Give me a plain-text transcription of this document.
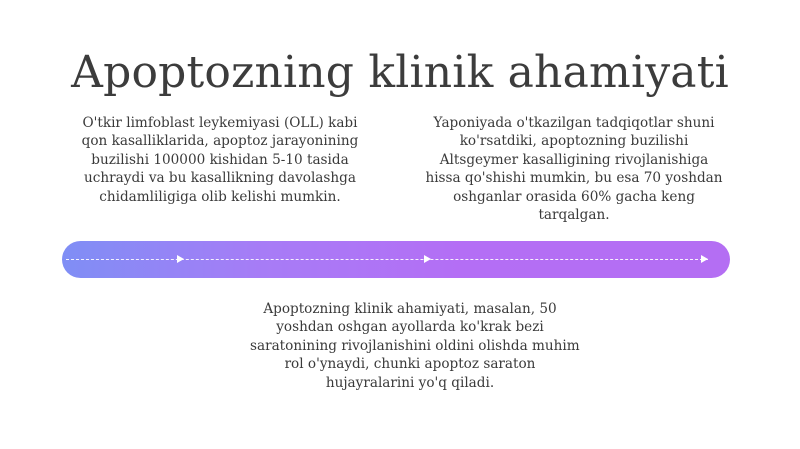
Apoptozning klinik ahamiyati
O'tkir limfoblast leykemiyasi (OLL) kabi
qon kasalliklarida, apoptoz jarayonining
buzilishi 100000 kishidan 5-10 tasida
uchraydi va bu kasallikning davolashga
chidamliligiga olib kelishi mumkin.
Yaponiyada o'tkazilgan tadqiqotlar shuni
ko'rsatdiki, apoptozning buzilishi
Altsgeymer kasalligining rivojlanishiga
hissa qo'shishi mumkin, bu esa 70 yoshdan
oshganlar orasida 60% gacha keng
tarqalgan.
Apoptozning klinik ahamiyati, masalan, 50
yoshdan oshgan ayollarda ko'krak bezi
saratonining rivojlanishini oldini olishda muhim
rol o'ynaydi, chunki apoptoz saraton
hujayralarini yo'q qiladi.
